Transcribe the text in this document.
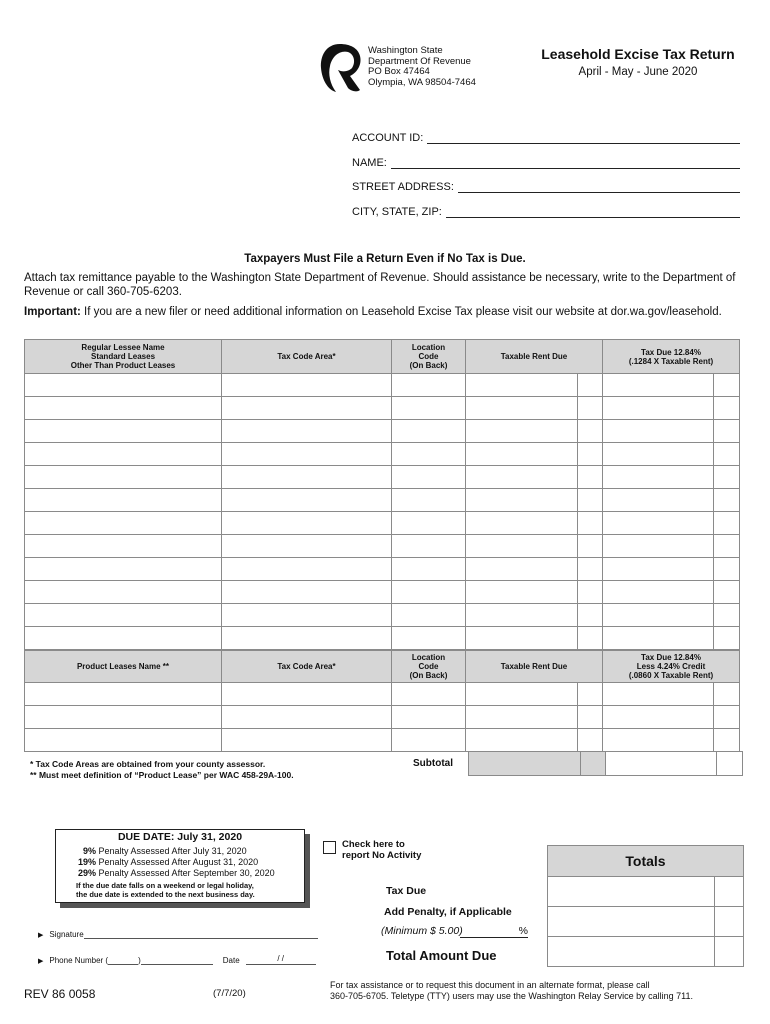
Washington State
Department Of Revenue
PO Box 47464
Olympia, WA 98504-7464
Leasehold Excise Tax Return
April - May - June 2020
ACCOUNT ID:
NAME:
STREET ADDRESS:
CITY, STATE, ZIP:
Taxpayers Must File a Return Even if No Tax is Due.
Attach tax remittance payable to the Washington State Department of Revenue. Should assistance be necessary, write to the Department of Revenue or call 360-705-6203.
Important: If you are a new filer or need additional information on Leasehold Excise Tax please visit our website at dor.wa.gov/leasehold.
Regular Lessee Name
Standard Leases
Other Than Product Leases	Tax Code Area*	Location
Code
(On Back)	Taxable Rent Due		Tax Due 12.84%
(.1284 X Taxable Rent)	

Product Leases Name **	Tax Code Area*	Location
Code
(On Back)	Taxable Rent Due		Tax Due 12.84%
Less 4.24% Credit
(.0860 X Taxable Rent)	

* Tax Code Areas are obtained from your county assessor.
** Must meet definition of “Product Lease” per WAC 458-29A-100.
Subtotal
DUE DATE: July 31, 2020
9% Penalty Assessed After July 31, 2020
19% Penalty Assessed After August 31, 2020
29% Penalty Assessed After September 30, 2020
If the due date falls on a weekend or legal holiday,
the due date is extended to the next business day.
Check here to
report No Activity	Totals	

Tax Due
Add Penalty, if Applicable
(Minimum $ 5.00)	%
Total Amount Due
▶ Signature
▶ Phone Number (	)	Date	/ /
REV 86 0058	(7/7/20)
For tax assistance or to request this document in an alternate format, please call
360-705-6705. Teletype (TTY) users may use the Washington Relay Service by calling 711.
